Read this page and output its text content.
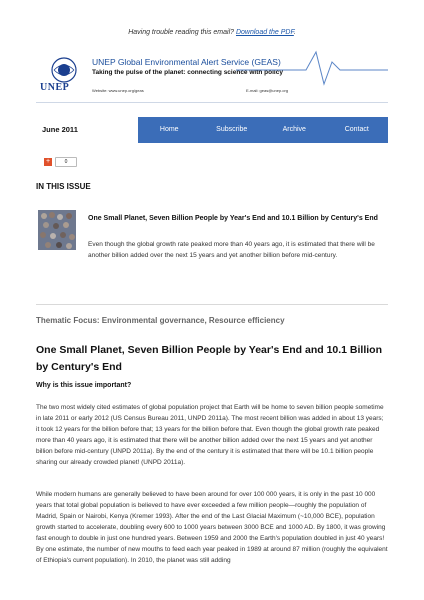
Having trouble reading this email? Download the PDF.
UNEP
UNEP Global Environmental Alert Service (GEAS)
Taking the pulse of the planet: connecting science with policy
Website: www.unep.org/geas	E-mail: geas@unep.org
June 2011	Home	Subscribe	Archive	Contact
+	0
IN THIS ISSUE
One Small Planet, Seven Billion People by Year's End and 10.1 Billion by Century's End
Even though the global growth rate peaked more than 40 years ago, it is estimated that there will be another billion added over the next 15 years and yet another billion before mid-century.
Thematic Focus: Environmental governance, Resource efficiency
One Small Planet, Seven Billion People by Year's End and 10.1 Billion by Century's End
Why is this issue important?
The two most widely cited estimates of global population project that Earth will be home to seven billion people sometime in late 2011 or early 2012 (US Census Bureau 2011, UNPD 2011a). The most recent billion was added in about 13 years; it took 12 years for the billion before that; 13 years for the billion before that. Even though the global growth rate peaked more than 40 years ago, it is estimated that there will be another billion added over the next 15 years and yet another billion before mid-century (UNPD 2011a). By the end of the century it is estimated that there will be 10.1 billion people sharing our already crowded planet! (UNPD 2011a).
While modern humans are generally believed to have been around for over 100 000 years, it is only in the past 10 000 years that total global population is believed to have ever exceeded a few million people—roughly the population of Madrid, Spain or Nairobi, Kenya (Kremer 1993). After the end of the Last Glacial Maximum (~10,000 BCE), population growth started to accelerate, doubling every 600 to 1000 years between 3000 BCE and 1000 AD. By 1800, it was growing fast enough to double in just one hundred years. Between 1959 and 2000 the Earth's population doubled in just 40 years! By one estimate, the number of new mouths to feed each year peaked in 1989 at around 87 million (roughly the equivalent of Ethiopia's current population). In 2010, the planet was still adding
